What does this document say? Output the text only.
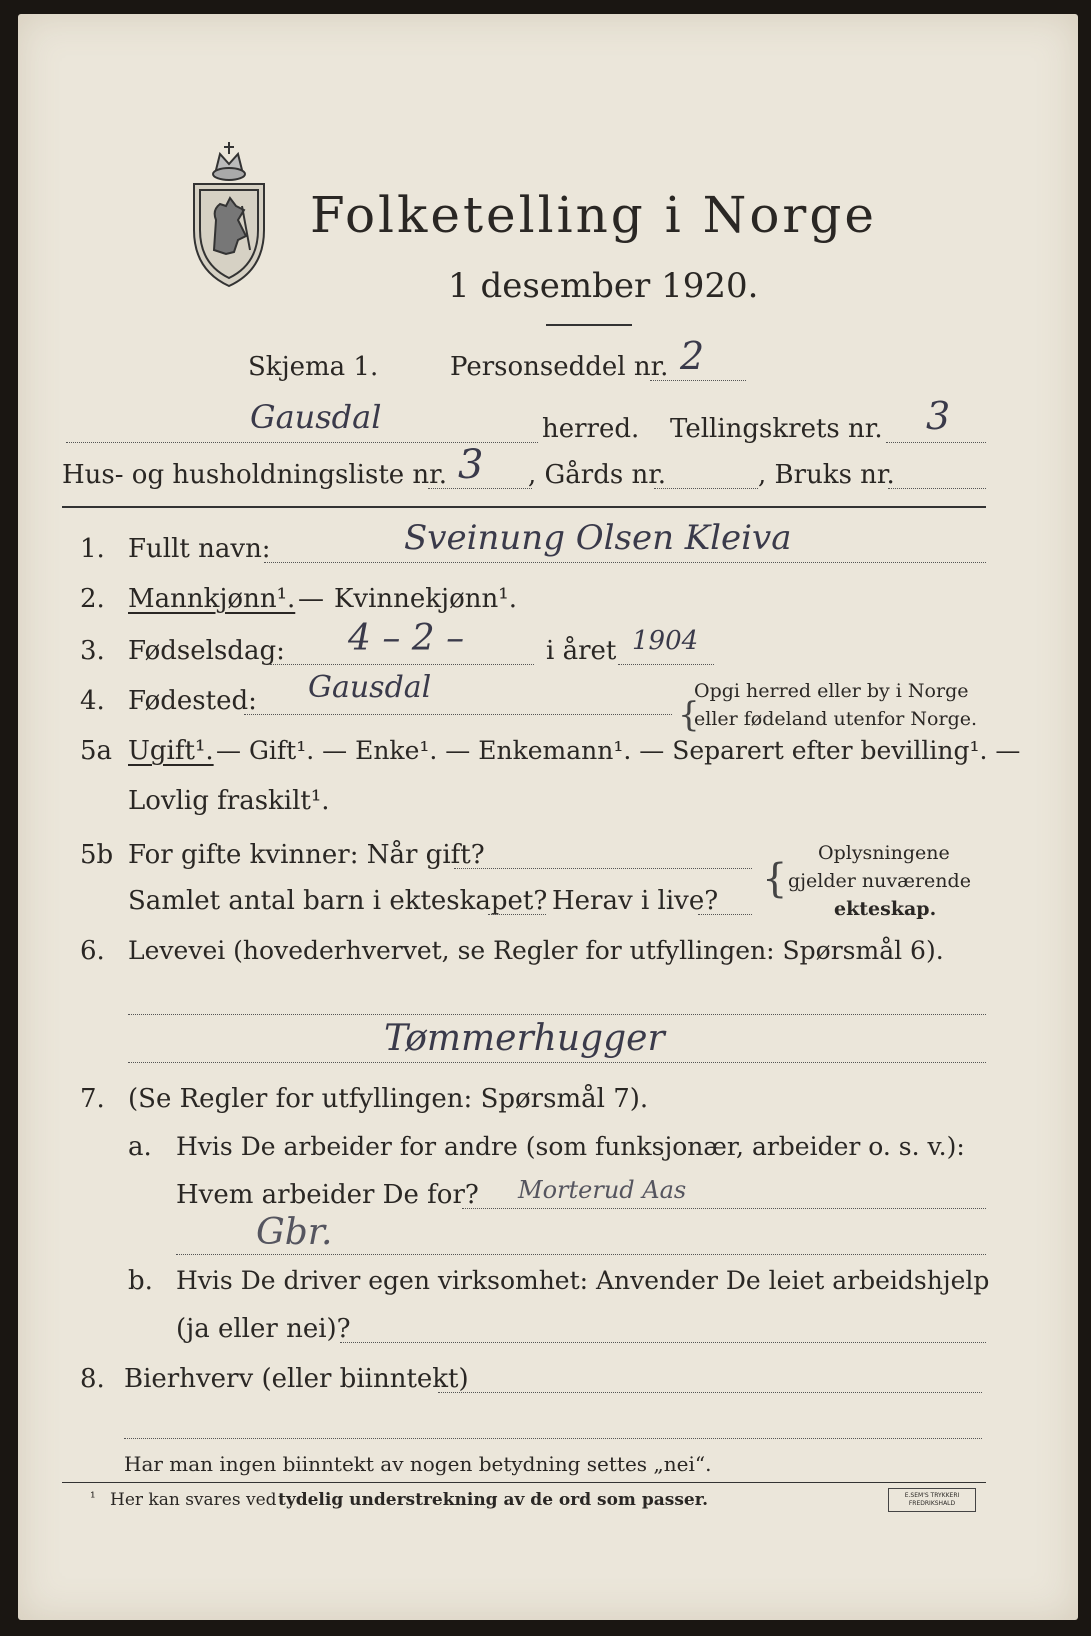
Folketelling i Norge
1 desember 1920.
Skjema 1.	Personseddel nr. 2
Gausdal	herred. Tellingskrets nr. 3
Hus- og husholdningsliste nr. 3 , Gårds nr.	, Bruks nr.
1. Fullt navn:	Sveinung Olsen Kleiva
2. Mannkjønn¹. — Kvinnekjønn¹.
3. Fødselsdag: 4 – 2 –	i året 1904
4. Fødested: Gausdal
{
Opgi herred eller by i Norge
eller fødeland utenfor Norge.
5a Ugift¹. — Gift¹. — Enke¹. — Enkemann¹. — Separert efter bevilling¹. —
Lovlig fraskilt¹.
5b For gifte kvinner: Når gift?
Samlet antal barn i ekteskapet? Herav i live? {
Oplysningene
gjelder nuværende
ekteskap.
6. Levevei (hovederhvervet, se Regler for utfyllingen: Spørsmål 6).
Tømmerhugger
7. (Se Regler for utfyllingen: Spørsmål 7).
a. Hvis De arbeider for andre (som funksjonær, arbeider o. s. v.):
Hvem arbeider De for? Morterud Aas
Gbr.
b. Hvis De driver egen virksomhet: Anvender De leiet arbeidshjelp
(ja eller nei)?
8. Bierhverv (eller biinntekt)
Har man ingen biinntekt av nogen betydning settes „nei“.
¹ Her kan svares ved tydelig understrekning av de ord som passer.	E.SEM'S TRYKKERI
FREDRIKSHALD
